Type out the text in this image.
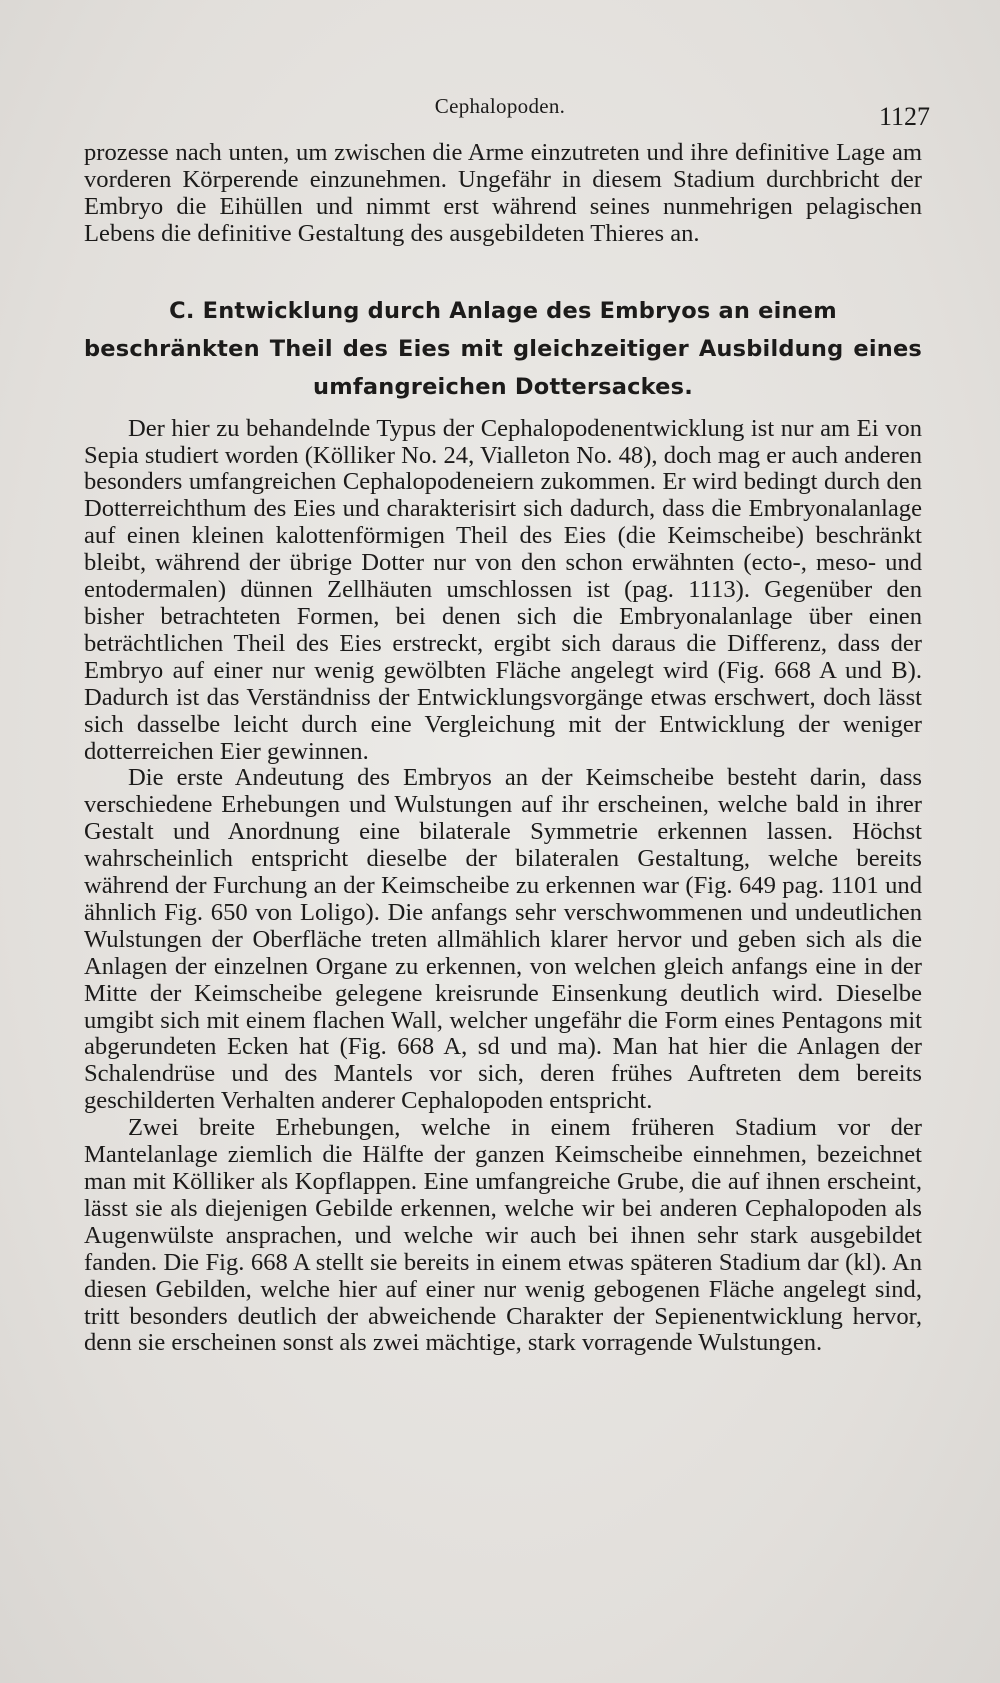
Cephalopoden.	1127

prozesse nach unten, um zwischen die Arme einzutreten und ihre definitive Lage am vorderen Körperende einzunehmen. Ungefähr in diesem Stadium durchbricht der Embryo die Eihüllen und nimmt erst während seines nunmehrigen pelagischen Lebens die definitive Gestaltung des ausgebildeten Thieres an.

C. Entwicklung durch Anlage des Embryos an einem
beschränkten Theil des Eies mit gleichzeitiger Ausbildung eines
umfangreichen Dottersackes.

Der hier zu behandelnde Typus der Cephalopodenentwicklung ist nur am Ei von Sepia studiert worden (Kölliker No. 24, Vialleton No. 48), doch mag er auch anderen besonders umfangreichen Cephalopodeneiern zukommen. Er wird bedingt durch den Dotterreichthum des Eies und charakterisirt sich dadurch, dass die Embryonalanlage auf einen kleinen kalottenförmigen Theil des Eies (die Keimscheibe) beschränkt bleibt, während der übrige Dotter nur von den schon erwähnten (ecto-, meso- und entodermalen) dünnen Zellhäuten umschlossen ist (pag. 1113). Gegenüber den bisher betrachteten Formen, bei denen sich die Embryonalanlage über einen beträchtlichen Theil des Eies erstreckt, ergibt sich daraus die Differenz, dass der Embryo auf einer nur wenig gewölbten Fläche angelegt wird (Fig. 668 A und B). Dadurch ist das Verständniss der Entwicklungsvorgänge etwas erschwert, doch lässt sich dasselbe leicht durch eine Vergleichung mit der Entwicklung der weniger dotterreichen Eier gewinnen.

Die erste Andeutung des Embryos an der Keimscheibe besteht darin, dass verschiedene Erhebungen und Wulstungen auf ihr erscheinen, welche bald in ihrer Gestalt und Anordnung eine bilaterale Symmetrie erkennen lassen. Höchst wahrscheinlich entspricht dieselbe der bilateralen Gestaltung, welche bereits während der Furchung an der Keimscheibe zu erkennen war (Fig. 649 pag. 1101 und ähnlich Fig. 650 von Loligo). Die anfangs sehr verschwommenen und undeutlichen Wulstungen der Oberfläche treten allmählich klarer hervor und geben sich als die Anlagen der einzelnen Organe zu erkennen, von welchen gleich anfangs eine in der Mitte der Keimscheibe gelegene kreisrunde Einsenkung deutlich wird. Dieselbe umgibt sich mit einem flachen Wall, welcher ungefähr die Form eines Pentagons mit abgerundeten Ecken hat (Fig. 668 A, sd und ma). Man hat hier die Anlagen der Schalendrüse und des Mantels vor sich, deren frühes Auftreten dem bereits geschilderten Verhalten anderer Cephalopoden entspricht.

Zwei breite Erhebungen, welche in einem früheren Stadium vor der Mantelanlage ziemlich die Hälfte der ganzen Keimscheibe einnehmen, bezeichnet man mit Kölliker als Kopflappen. Eine umfangreiche Grube, die auf ihnen erscheint, lässt sie als diejenigen Gebilde erkennen, welche wir bei anderen Cephalopoden als Augenwülste ansprachen, und welche wir auch bei ihnen sehr stark ausgebildet fanden. Die Fig. 668 A stellt sie bereits in einem etwas späteren Stadium dar (kl). An diesen Gebilden, welche hier auf einer nur wenig gebogenen Fläche angelegt sind, tritt besonders deutlich der abweichende Charakter der Sepienentwicklung hervor, denn sie erscheinen sonst als zwei mächtige, stark vorragende Wulstungen.
